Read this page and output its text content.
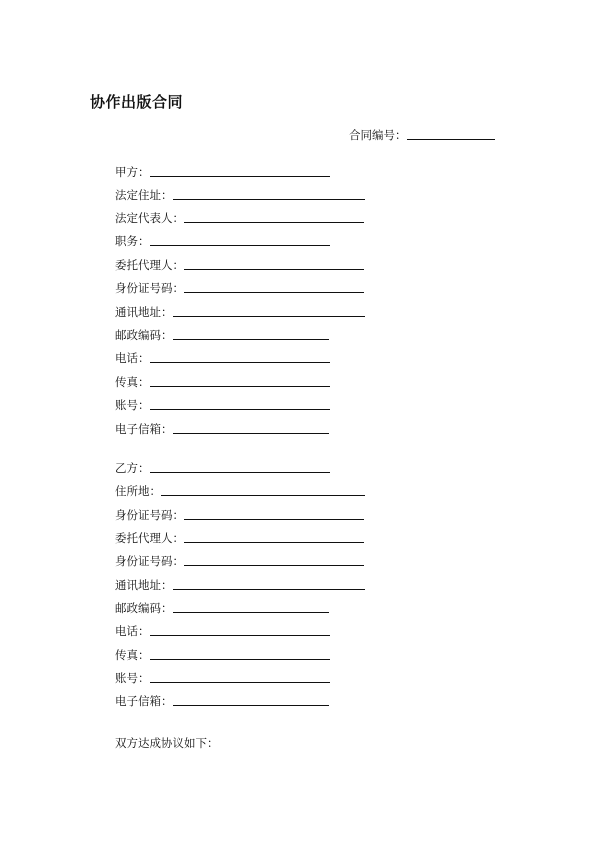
协作出版合同
合同编号：
甲方：
法定住址：
法定代表人：
职务：
委托代理人：
身份证号码：
通讯地址：
邮政编码：
电话：
传真：
账号：
电子信箱：
乙方：
住所地：
身份证号码：
委托代理人：
身份证号码：
通讯地址：
邮政编码：
电话：
传真：
账号：
电子信箱：
双方达成协议如下：
